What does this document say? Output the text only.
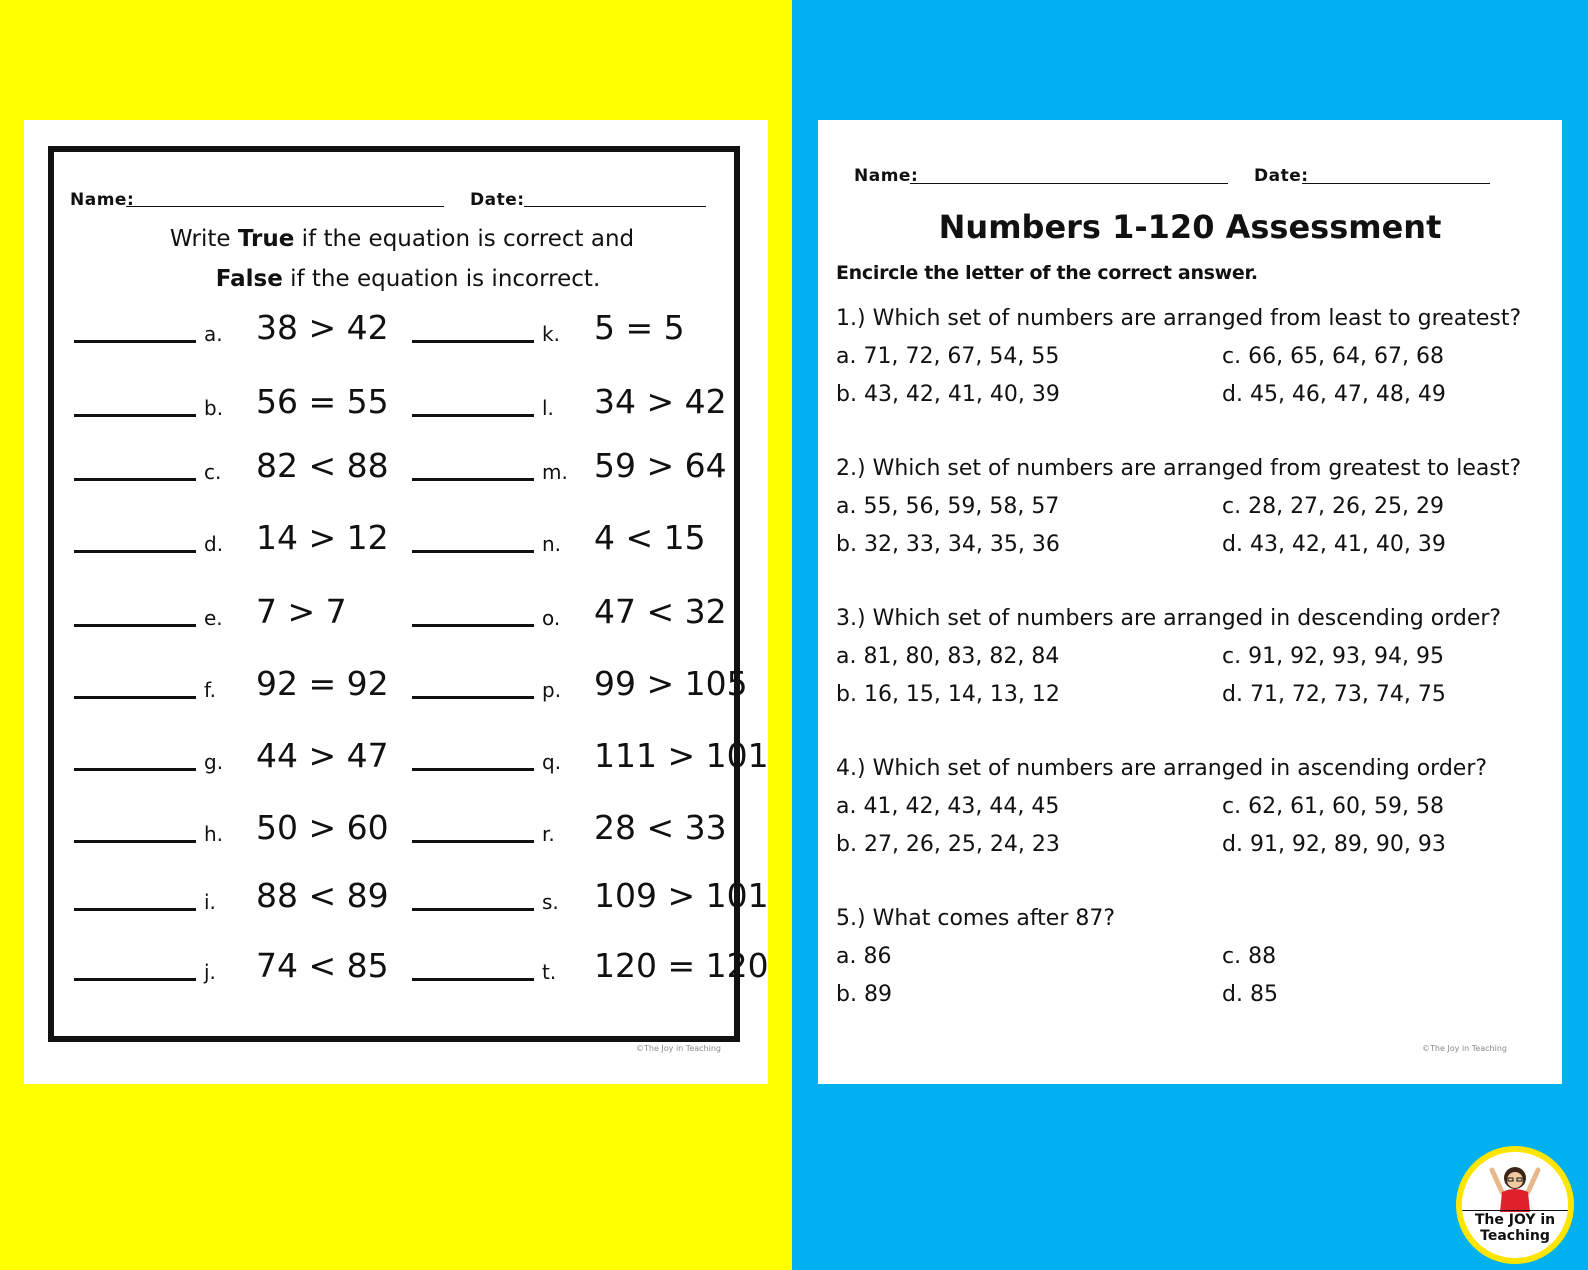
Name:	Date:
Write True if the equation is correct and
False if the equation is incorrect.
a. 38 > 42
b. 56 = 55
c. 82 < 88
d. 14 > 12
e. 7 > 7
f. 92 = 92
g. 44 > 47
h. 50 > 60
i. 88 < 89
j. 74 < 85
k. 5 = 5
l. 34 > 42
m. 59 > 64
n. 4 < 15
o. 47 < 32
p. 99 > 105
q. 111 > 101
r. 28 < 33
s. 109 > 101
t. 120 = 120
©The Joy in Teaching
Name:	Date:
Numbers 1-120 Assessment
Encircle the letter of the correct answer.
1.) Which set of numbers are arranged from least to greatest?
a. 71, 72, 67, 54, 55
b. 43, 42, 41, 40, 39
c. 66, 65, 64, 67, 68
d. 45, 46, 47, 48, 49
2.) Which set of numbers are arranged from greatest to least?
a. 55, 56, 59, 58, 57
b. 32, 33, 34, 35, 36
c. 28, 27, 26, 25, 29
d. 43, 42, 41, 40, 39
3.) Which set of numbers are arranged in descending order?
a. 81, 80, 83, 82, 84
b. 16, 15, 14, 13, 12
c. 91, 92, 93, 94, 95
d. 71, 72, 73, 74, 75
4.) Which set of numbers are arranged in ascending order?
a. 41, 42, 43, 44, 45
b. 27, 26, 25, 24, 23
c. 62, 61, 60, 59, 58
d. 91, 92, 89, 90, 93
5.) What comes after 87?
a. 86
b. 89
c. 88
d. 85
©The Joy in Teaching
The JOY in
Teaching
